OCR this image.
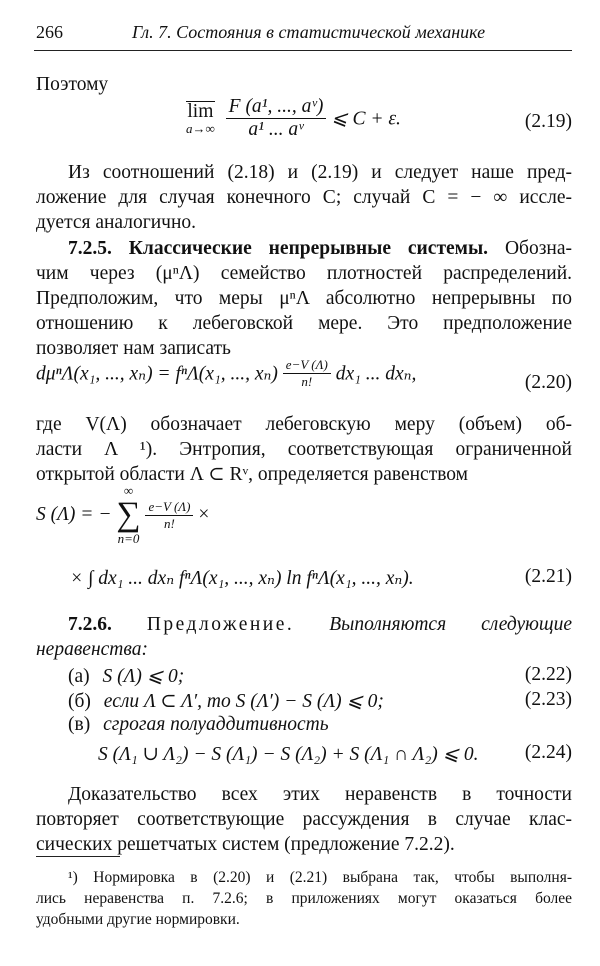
266	Гл. 7. Состояния в статистической механике
Поэтому
lim
a→∞
$\frac{\text{F (a¹, ..., aᵛ)}}{\text{a¹ ... aᵛ}}$ ⩽ C + ε.	(2.19)
Из соотношений (2.18) и (2.19) и следует наше пред-
ложение для случая конечного C; случай C = − ∞ иссле-
дуется аналогично.
7.2.5. Классические непрерывные системы. Обозна-
чим через (μⁿΛ) семейство плотностей распределений.
Предположим, что меры μⁿΛ абсолютно непрерывны по
отношению к лебеговской мере. Это предположение
позволяет нам записать
dμⁿΛ(x₁, ..., xₙ) = fⁿΛ(x₁, ..., $x_n) \frac{e-V (\Lambda)}{n!} dx_1$ ... dxₙ,	(2.20)
где V(Λ) обозначает лебеговскую меру (объем) об-
ласти Λ ¹). Энтропия, соответствующая ограниченной
открытой области Λ ⊂ Rᵛ, определяется равенством
S (Λ) = −
∞
∑
n=0

$\frac{e-V (\Lambda)}{n!}$ ×
× ∫ dx₁ ... dxₙ fⁿΛ(x₁, ..., xₙ) ln fⁿΛ(x₁, ..., xₙ).	(2.21)
7.2.6. Предложение. Выполняются следующие
неравенства:
(а) S (Λ) ⩽ 0;	(2.22)
(б) если Λ ⊂ Λ′, то S (Λ′) − S (Λ) ⩽ 0;	(2.23)
(в) сгрогая полуаддитивность
S (Λ₁ ∪ Λ₂) − S (Λ₁) − S (Λ₂) + S (Λ₁ ∩ Λ₂) ⩽ 0. (2.24)
Доказательство всех этих неравенств в точности
повторяет соответствующие рассуждения в случае клас-
сических решетчатых систем (предложение 7.2.2).
¹) Нормировка в (2.20) и (2.21) выбрана так, чтобы выполня-
лись неравенства п. 7.2.6; в приложениях могут оказаться более
удобными другие нормировки.
